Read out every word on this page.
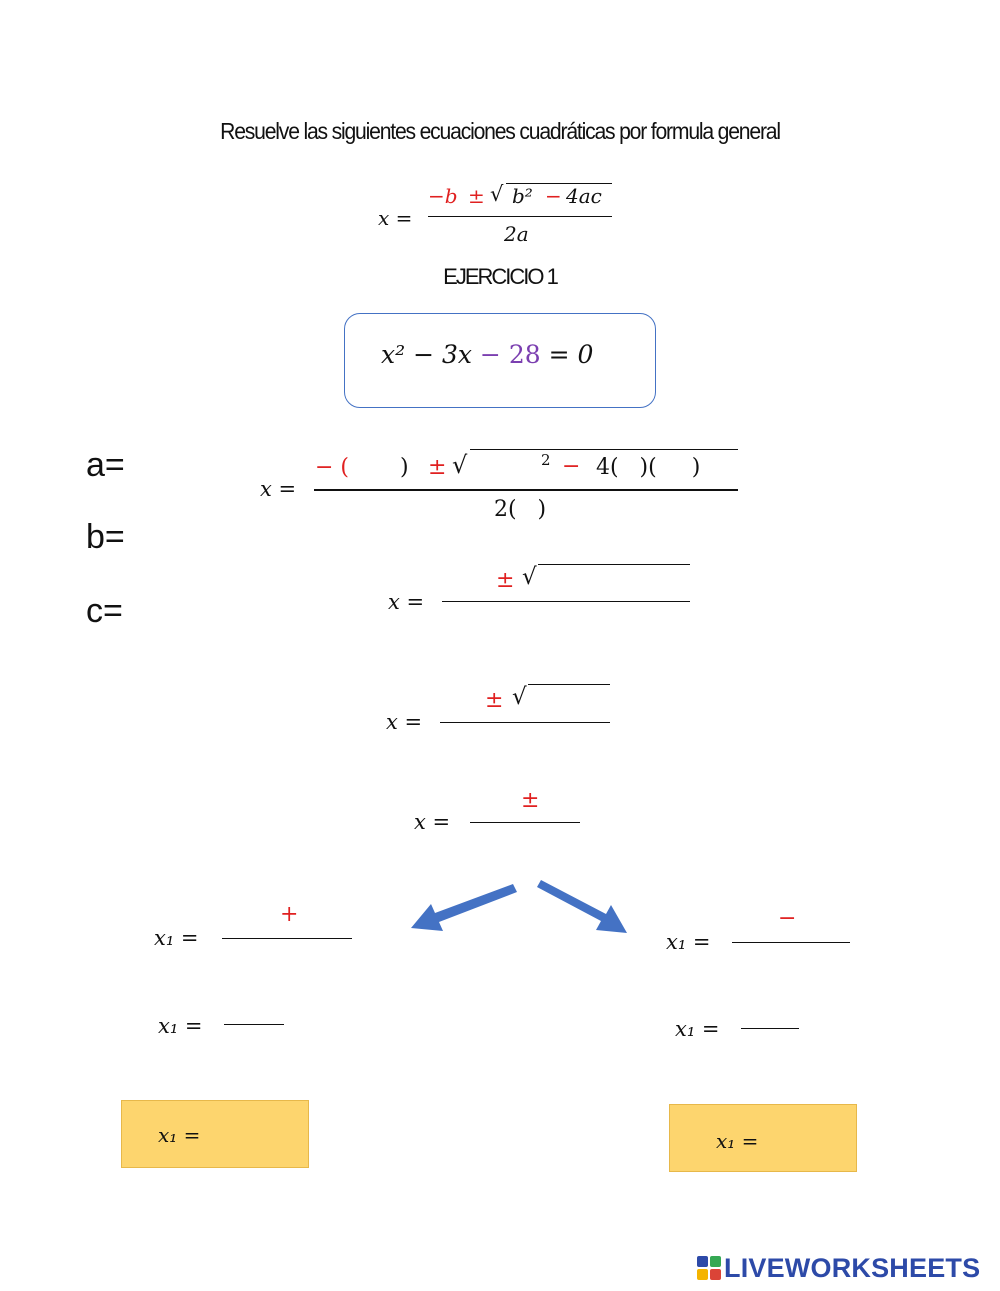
Resuelve las siguientes ecuaciones cuadráticas por formula general
x =
−b ± √ b² − 4ac
2a
EJERCICIO 1
x² − 3x − 28 = 0
a=
b=
c=
x =
− ( ) ± √	2 − 4(   )(     )
2(   )
x =
± √
x =
± √
x =
±
x₁ =
+
x₁ =
x₁ =
x₁ =
−
x₁ =
x₁ =
LIVEWORKSHEETS
